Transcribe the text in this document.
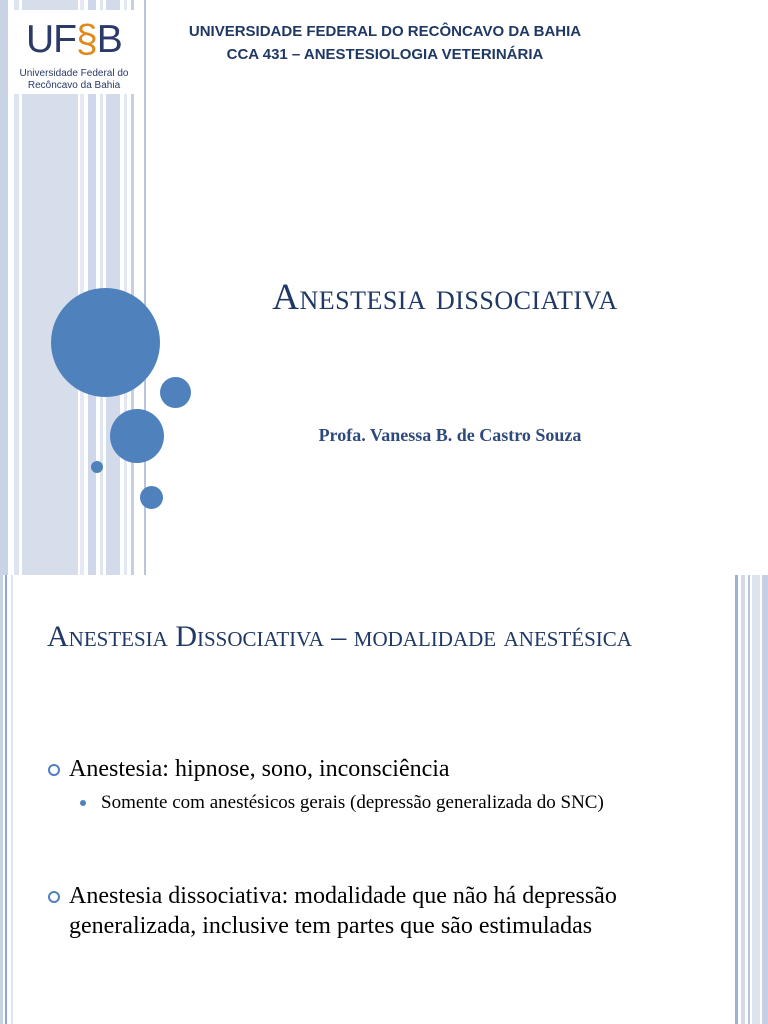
UF§B
Universidade Federal do
Recôncavo da Bahia
UNIVERSIDADE FEDERAL DO RECÔNCAVO DA BAHIA
CCA 431 – ANESTESIOLOGIA VETERINÁRIA
Anestesia dissociativa
Profa. Vanessa B. de Castro Souza
Anestesia Dissociativa – modalidade anestésica
Anestesia: hipnose, sono, inconsciência
Somente com anestésicos gerais (depressão generalizada do SNC)
Anestesia dissociativa: modalidade que não há depressão generalizada, inclusive tem partes que são estimuladas
